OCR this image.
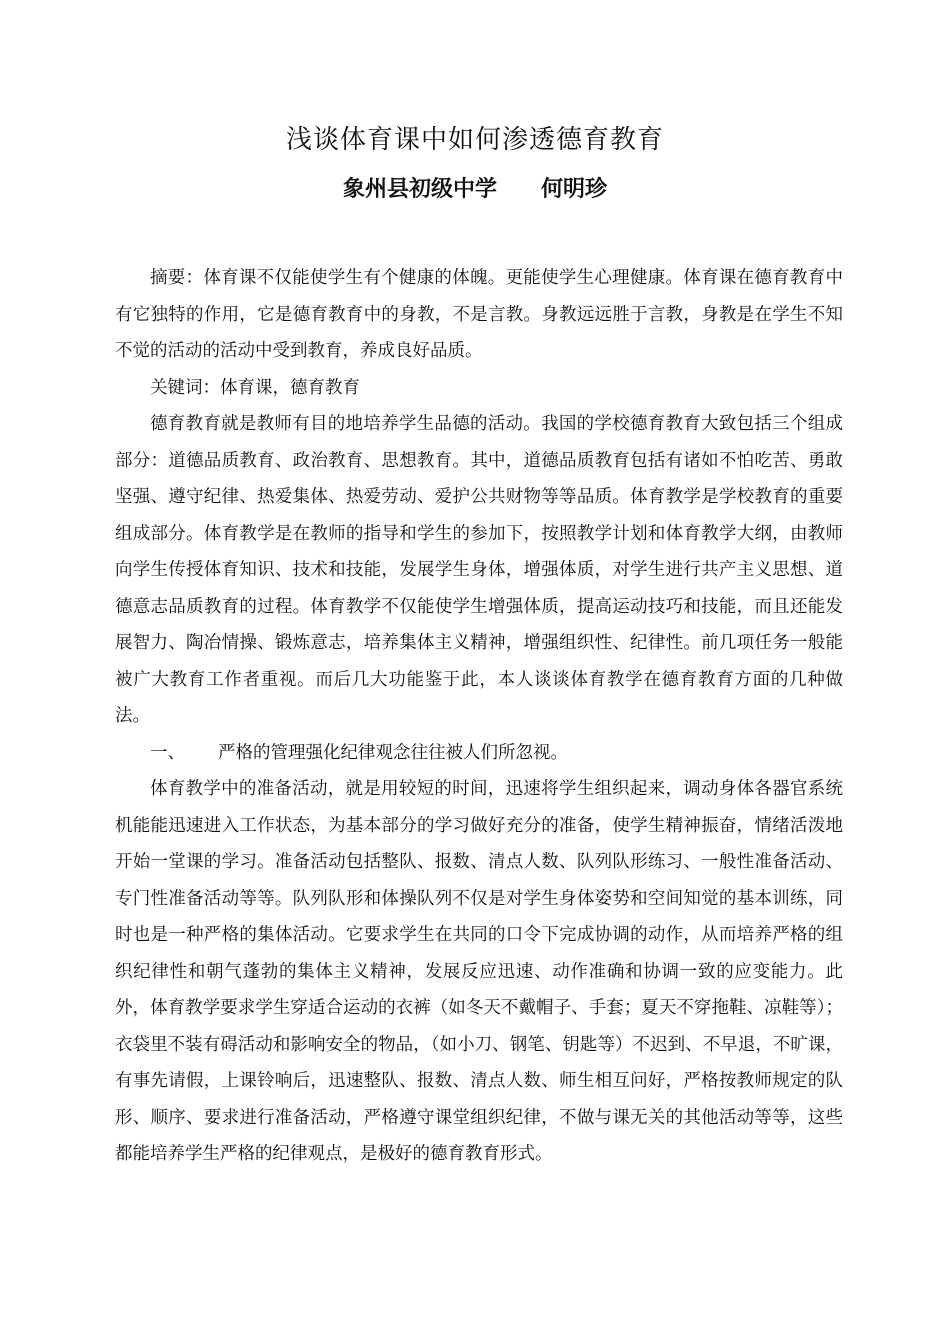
浅谈体育课中如何渗透德育教育
象州县初级中学 何明珍

摘要：体育课不仅能使学生有个健康的体魄。更能使学生心理健康。体育课在德育教育中有它独特的作用，它是德育教育中的身教，不是言教。身教远远胜于言教，身教是在学生不知不觉的活动的活动中受到教育，养成良好品质。

关键词：体育课，德育教育

德育教育就是教师有目的地培养学生品德的活动。我国的学校德育教育大致包括三个组成部分：道德品质教育、政治教育、思想教育。其中，道德品质教育包括有诸如不怕吃苦、勇敢坚强、遵守纪律、热爱集体、热爱劳动、爱护公共财物等等品质。体育教学是学校教育的重要组成部分。体育教学是在教师的指导和学生的参加下，按照教学计划和体育教学大纲，由教师向学生传授体育知识、技术和技能，发展学生身体，增强体质，对学生进行共产主义思想、道德意志品质教育的过程。体育教学不仅能使学生增强体质，提高运动技巧和技能，而且还能发展智力、陶冶情操、锻炼意志，培养集体主义精神，增强组织性、纪律性。前几项任务一般能被广大教育工作者重视。而后几大功能鉴于此，本人谈谈体育教学在德育教育方面的几种做法。

一、 严格的管理强化纪律观念往往被人们所忽视。

体育教学中的准备活动，就是用较短的时间，迅速将学生组织起来，调动身体各器官系统机能能迅速进入工作状态，为基本部分的学习做好充分的准备，使学生精神振奋，情绪活泼地开始一堂课的学习。准备活动包括整队、报数、清点人数、队列队形练习、一般性准备活动、专门性准备活动等等。队列队形和体操队列不仅是对学生身体姿势和空间知觉的基本训练，同时也是一种严格的集体活动。它要求学生在共同的口令下完成协调的动作，从而培养严格的组织纪律性和朝气蓬勃的集体主义精神，发展反应迅速、动作准确和协调一致的应变能力。此外，体育教学要求学生穿适合运动的衣裤（如冬天不戴帽子、手套；夏天不穿拖鞋、凉鞋等）；衣袋里不装有碍活动和影响安全的物品，（如小刀、钢笔、钥匙等）不迟到、不早退，不旷课，有事先请假，上课铃响后，迅速整队、报数、清点人数、师生相互问好，严格按教师规定的队形、顺序、要求进行准备活动，严格遵守课堂组织纪律，不做与课无关的其他活动等等，这些都能培养学生严格的纪律观点，是极好的德育教育形式。
